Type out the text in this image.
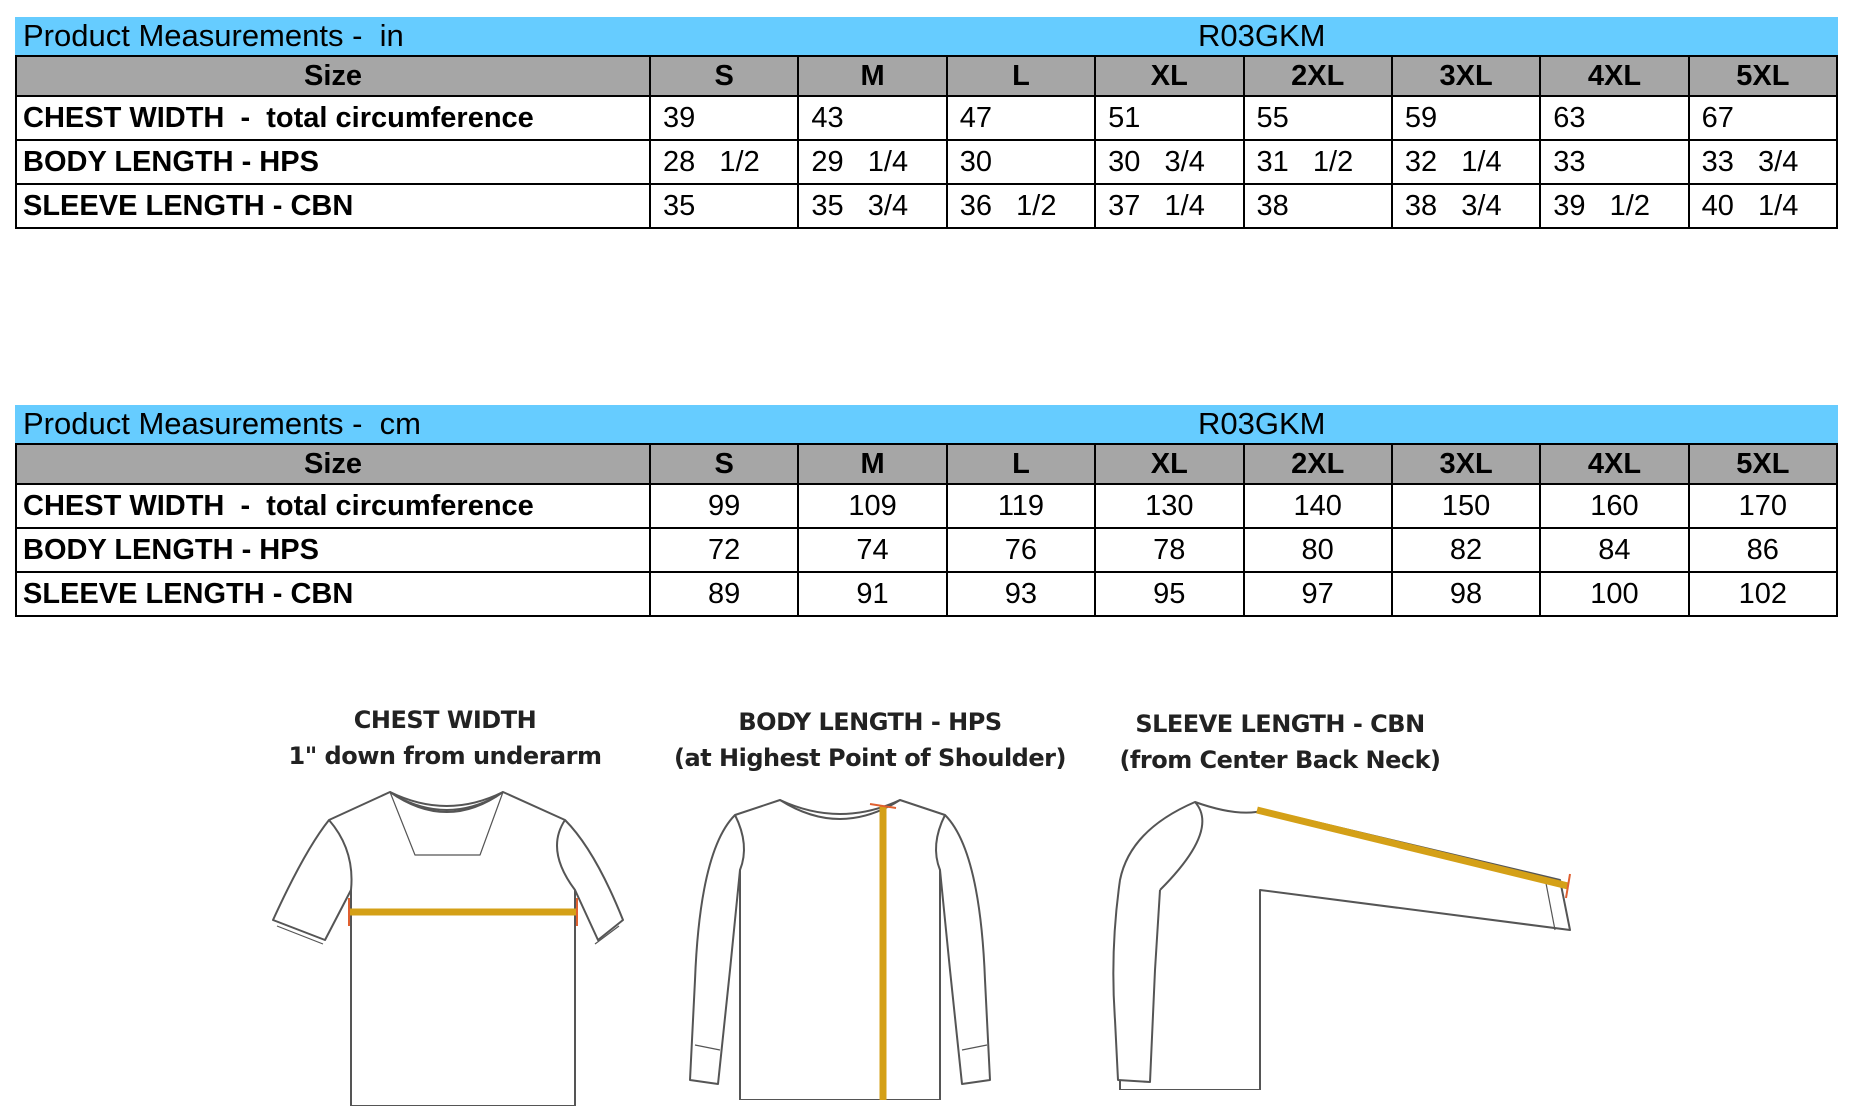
Product Measurements -  in	R03GKM
Size	S	M	L	XL	2XL	3XL	4XL	5XL
CHEST WIDTH  -  total circumference	39	43	47	51	55	59	63	67
BODY LENGTH - HPS	28   1/2	29   1/4	30	30   3/4	31   1/2	32   1/4	33	33   3/4
SLEEVE LENGTH - CBN	35	35   3/4	36   1/2	37   1/4	38	38   3/4	39   1/2	40   1/4
Product Measurements -  cm	R03GKM
Size	S	M	L	XL	2XL	3XL	4XL	5XL
CHEST WIDTH  -  total circumference	99	109	119	130	140	150	160	170
BODY LENGTH - HPS	72	74	76	78	80	82	84	86
SLEEVE LENGTH - CBN	89	91	93	95	97	98	100	102
CHEST WIDTH
1" down from underarm
BODY LENGTH - HPS
(at Highest Point of Shoulder)
SLEEVE LENGTH - CBN
(from Center Back Neck)
